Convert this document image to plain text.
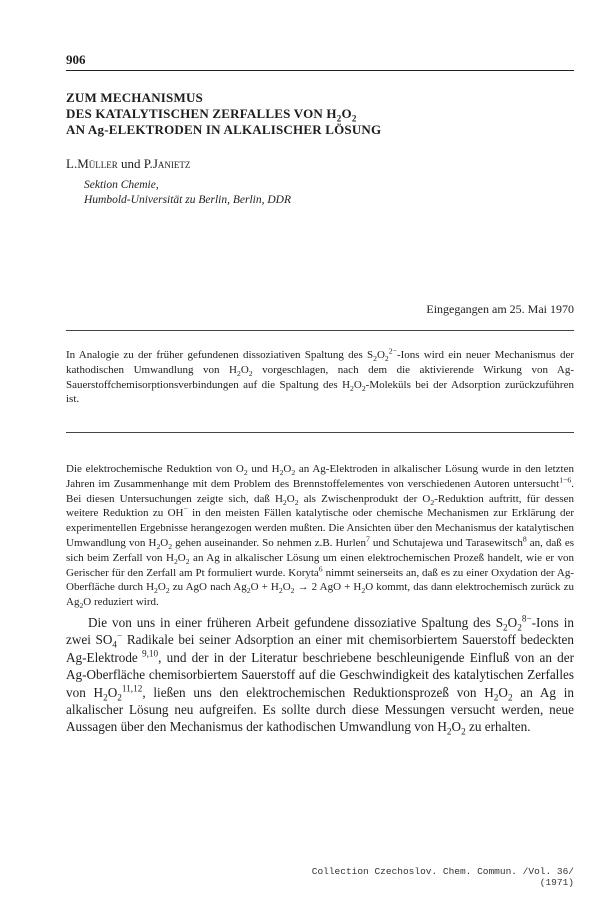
906
ZUM MECHANISMUS
DES KATALYTISCHEN ZERFALLES VON $H_2O_2$
AN Ag-ELEKTRODEN IN ALKALISCHER LÖSUNG
L.Müller und P.Janietz
Sektion Chemie,
Humbold-Universität zu Berlin, Berlin, DDR
Eingegangen am 25. Mai 1970
In Analogie zu der früher gefundenen dissoziativen Spaltung des $S_2O_2^{2-}$-Ions wird ein neuer Mechanismus der kathodischen Umwandlung von $H_2O_2$ vorgeschlagen, nach dem die aktivierende Wirkung von Ag-Sauerstoffchemisorptionsverbindungen auf die Spaltung des $H_2O_2$-Moleküls bei der Adsorption zurückzuführen ist.
Die elektrochemische Reduktion von $O_2$ und $H_2O_2$ an Ag-Elektroden in alkalischer Lösung wurde in den letzten Jahren im Zusammenhange mit dem Problem des Brennstoffelementes von verschiedenen Autoren untersucht$^{1-6}$. Bei diesen Untersuchungen zeigte sich, daß $H_2O_2$ als Zwischenprodukt der $O_2$-Reduktion auftritt, für dessen weitere Reduktion zu OH− in den meisten Fällen katalytische oder chemische Mechanismen zur Erklärung der experimentellen Ergebnisse herangezogen werden mußten. Die Ansichten über den Mechanismus der katalytischen Umwandlung von $H_2O_2$ gehen auseinander. So nehmen z.B. Hurlen$^7$ und Schutajewa und Tarasewitsch$^8$ an, daß es sich beim Zerfall von $H_2O_2$ an Ag in alkalischer Lösung um einen elektrochemischen Prozeß handelt, wie er von Gerischer für den Zerfall am Pt formuliert wurde. Koryta$^6$ nimmt seinerseits an, daß es zu einer Oxydation der Ag-Oberfläche durch $H_2O_2$ zu AgO nach $Ag_2O + H_2O_2 \to 2$ AgO + $H_2O$ kommt, das dann elektrochemisch zurück zu $Ag_2O$ reduziert wird.
Die von uns in einer früheren Arbeit gefundene dissoziative Spaltung des $S_2O_2^{8-}$-Ions in zwei $SO_4^-$ Radikale bei seiner Adsorption an einer mit chemisorbiertem Sauerstoff bedeckten Ag-Elektrode $^{9,10}$, und der in der Literatur beschriebene beschleunigende Einfluß von an der Ag-Oberfläche chemisorbiertem Sauerstoff auf die Geschwindigkeit des katalytischen Zerfalles von $H_2O_2^{11,12}$, ließen uns den elektrochemischen Reduktionsprozeß von $H_2O_2$ an Ag in alkalischer Lösung neu aufgreifen. Es sollte durch diese Messungen versucht werden, neue Aussagen über den Mechanismus der kathodischen Umwandlung von $H_2O_2$ zu erhalten.
Collection Czechoslov. Chem. Commun. /Vol. 36/ (1971)
